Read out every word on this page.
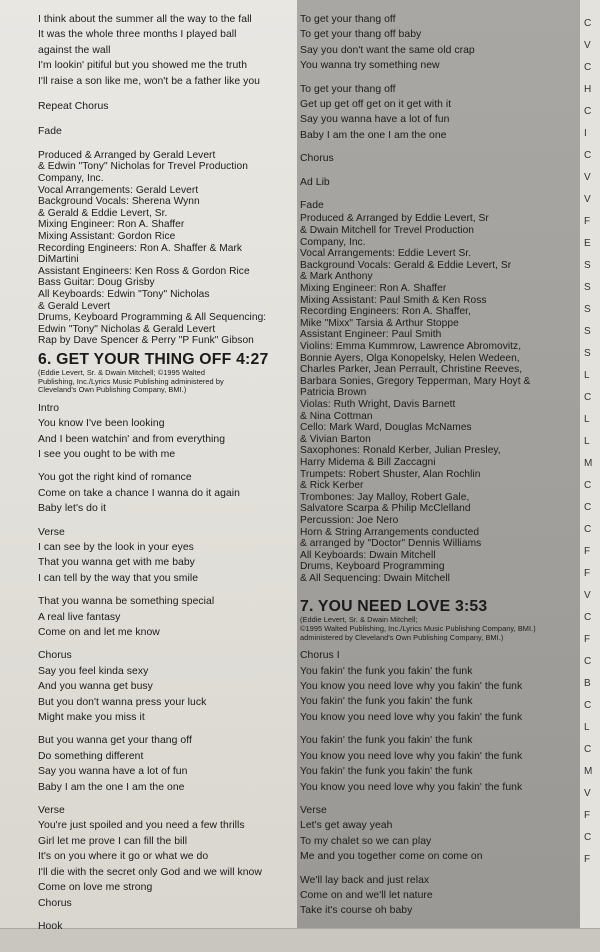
C
V
C
H
C
I
C
V
V
F
E
S
S
S
S
S
L
C
L
L
M
C
C
C
F
F
V
C
F
C
B
C
L
C
M
V
F
C
F
I think about the summer all the way to the fall
It was the whole three months I played ball
against the wall
I'm lookin' pitiful but you showed me the truth
I'll raise a son like me, won't be a father like you
Repeat Chorus
Fade
Produced & Arranged by Gerald Levert
& Edwin "Tony" Nicholas for Trevel Production
Company, Inc.
Vocal Arrangements: Gerald Levert
Background Vocals: Sherena Wynn
& Gerald & Eddie Levert, Sr.
Mixing Engineer: Ron A. Shaffer
Mixing Assistant: Gordon Rice
Recording Engineers: Ron A. Shaffer & Mark
DiMartini
Assistant Engineers: Ken Ross & Gordon Rice
Bass Guitar: Doug Grisby
All Keyboards: Edwin "Tony" Nicholas
& Gerald Levert
Drums, Keyboard Programming & All Sequencing:
Edwin "Tony" Nicholas & Gerald Levert
Rap by Dave Spencer & Perry "P Funk" Gibson
6. GET YOUR THING OFF 4:27
(Eddie Levert, Sr. & Dwain Mitchell; ©1995 Walted
Publishing, Inc./Lyrics Music Publishing administered by
Cleveland's Own Publishing Company, BMI.)
Intro
You know I've been looking
And I been watchin' and from everything
I see you ought to be with me
You got the right kind of romance
Come on take a chance I wanna do it again
Baby let's do it
Verse
I can see by the look in your eyes
That you wanna get with me baby
I can tell by the way that you smile
That you wanna be something special
A real live fantasy
Come on and let me know
Chorus
Say you feel kinda sexy
And you wanna get busy
But you don't wanna press your luck
Might make you miss it
But you wanna get your thang off
Do something different
Say you wanna have a lot of fun
Baby I am the one I am the one
Verse
You're just spoiled and you need a few thrills
Girl let me prove I can fill the bill
It's on you where it go or what we do
I'll die with the secret only God and we will know
Come on love me strong
Chorus
Hook
To get your thang off
To get your thang off baby
Say you don't want the same old crap
You wanna try something new
To get your thang off
Get up get off get on it get with it
Say you wanna have a lot of fun
Baby I am the one I am the one
Chorus
Ad Lib
Fade
Produced & Arranged by Eddie Levert, Sr
& Dwain Mitchell for Trevel Production
Company, Inc.
Vocal Arrangements: Eddie Levert Sr.
Background Vocals: Gerald & Eddie Levert, Sr
& Mark Anthony
Mixing Engineer: Ron A. Shaffer
Mixing Assistant: Paul Smith & Ken Ross
Recording Engineers: Ron A. Shaffer,
Mike "Mixx" Tarsia & Arthur Stoppe
Assistant Engineer: Paul Smith
Violins: Emma Kummrow, Lawrence Abromovitz,
Bonnie Ayers, Olga Konopelsky, Helen Wedeen,
Charles Parker, Jean Perrault, Christine Reeves,
Barbara Sonies, Gregory Tepperman, Mary Hoyt &
Patricia Brown
Violas: Ruth Wright, Davis Barnett
& Nina Cottman
Cello: Mark Ward, Douglas McNames
& Vivian Barton
Saxophones: Ronald Kerber, Julian Presley,
Harry Midema & Bill Zaccagni
Trumpets: Robert Shuster, Alan Rochlin
& Rick Kerber
Trombones: Jay Malloy, Robert Gale,
Salvatore Scarpa & Philip McClelland
Percussion: Joe Nero
Horn & String Arrangements conducted
& arranged by "Doctor" Dennis Williams
All Keyboards: Dwain Mitchell
Drums, Keyboard Programming
& All Sequencing: Dwain Mitchell
7. YOU NEED LOVE 3:53
(Eddie Levert, Sr. & Dwain Mitchell;
©1995 Walted Publishing, Inc./Lyrics Music Publishing Company, BMI.)
administered by Cleveland's Own Publishing Company, BMI.)
Chorus I
You fakin' the funk you fakin' the funk
You know you need love why you fakin' the funk
You fakin' the funk you fakin' the funk
You know you need love why you fakin' the funk
You fakin' the funk you fakin' the funk
You know you need love why you fakin' the funk
You fakin' the funk you fakin' the funk
You know you need love why you fakin' the funk
Verse
Let's get away yeah
To my chalet so we can play
Me and you together come on come on
We'll lay back and just relax
Come on and we'll let nature
Take it's course oh baby
